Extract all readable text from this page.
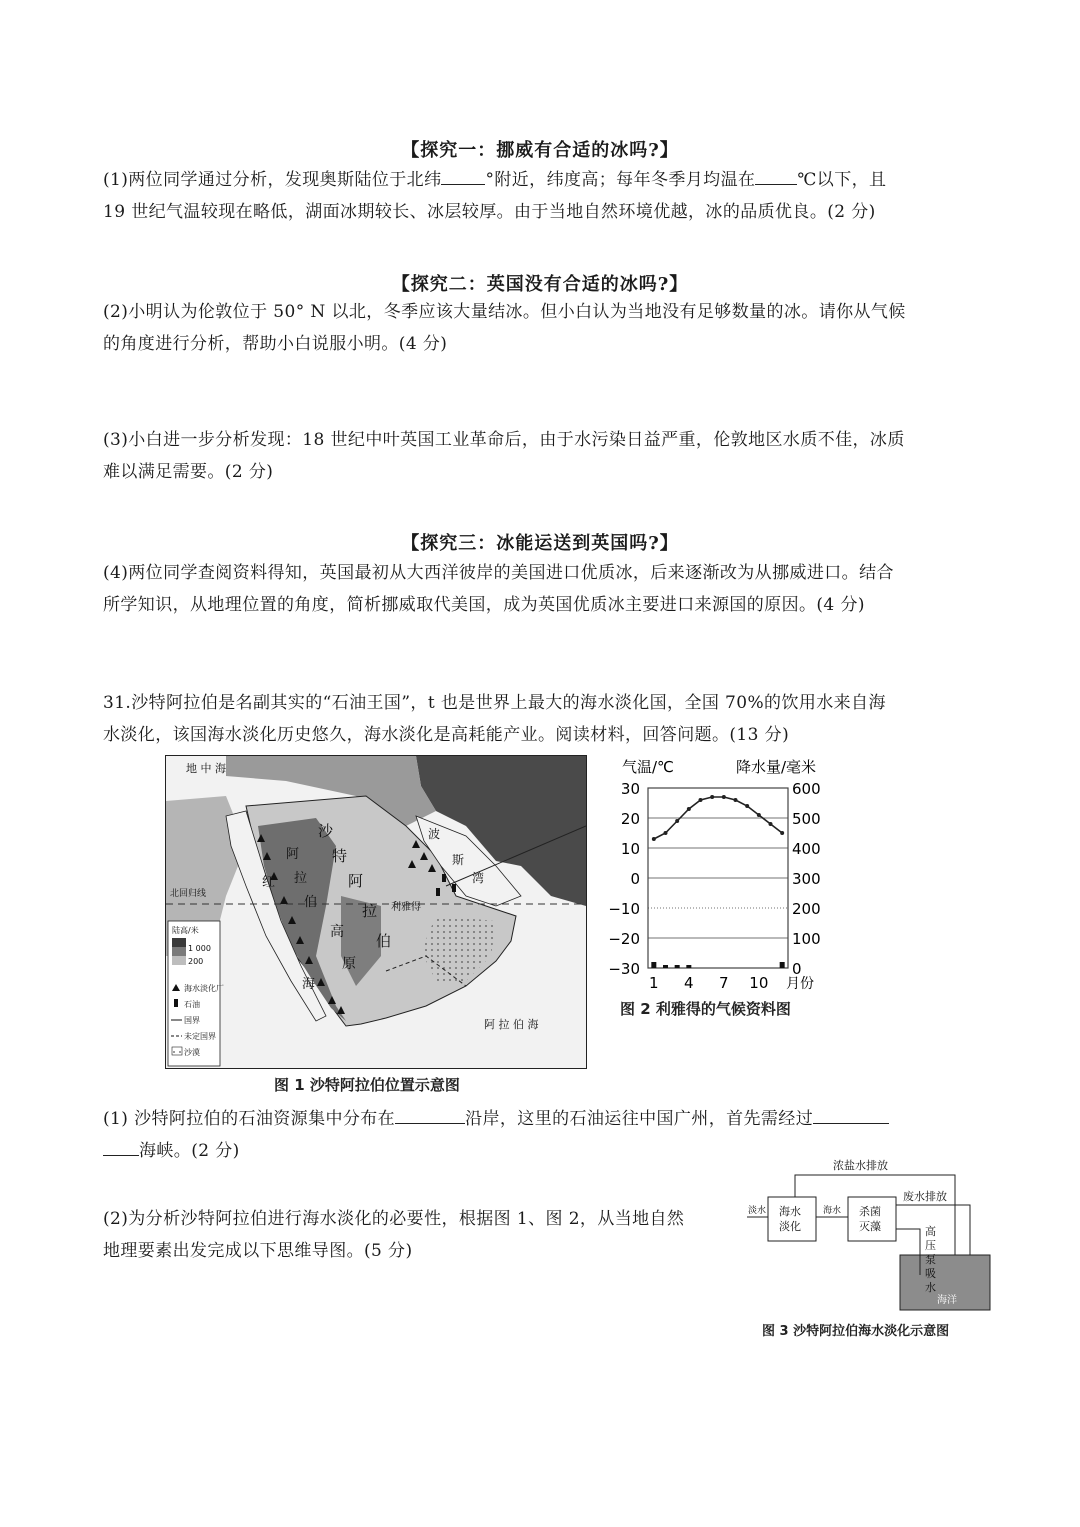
【探究一：挪威有合适的冰吗?】

(1)两位同学通过分析，发现奥斯陆位于北纬	°附近，纬度高；每年冬季月均温在 ℃以下，且
19 世纪气温较现在略低，湖面冰期较长、冰层较厚。由于当地自然环境优越，冰的品质优良。(2 分)

【探究二：英国没有合适的冰吗?】

(2)小明认为伦敦位于 50° N 以北，冬季应该大量结冰。但小白认为当地没有足够数量的冰。请你从气候
的角度进行分析，帮助小白说服小明。(4 分)

(3)小白进一步分析发现：18 世纪中叶英国工业革命后，由于水污染日益严重，伦敦地区水质不佳，冰质
难以满足需要。(2 分)

【探究三：冰能运送到英国吗?】

(4)两位同学查阅资料得知，英国最初从大西洋彼岸的美国进口优质冰，后来逐渐改为从挪威进口。结合
所学知识，从地理位置的角度，简析挪威取代美国，成为英国优质冰主要进口来源国的原因。(4 分)

31.沙特阿拉伯是名副其实的“石油王国”，t 也是世界上最大的海水淡化国，全国 70%的饮用水来自海
水淡化，该国海水淡化历史悠久，海水淡化是高耗能产业。阅读材料，回答问题。(13 分)

地 中 海
沙
特
阿
拉
伯
红
海
阿
拉
伯
北回归线
利雅得
高
原
波
斯
湾
阿 拉 伯 海
陆高/米
1 000
200
海水淡化厂
石油
国界
未定国界
沙漠
图 1 沙特阿拉伯位置示意图
30	600
20	500
10	400
0	300
−10	200
−20	100
−30	0
气温/℃	降水量/毫米
1 4 7 10 月份
图 2 利雅得的气候资料图

(1) 沙特阿拉伯的石油资源集中分布在	沿岸，这里的石油运往中国广州，首先需经过
海峡。(2 分)

(2)为分析沙特阿拉伯进行海水淡化的必要性，根据图 1、图 2，从当地自然
地理要素出发完成以下思维导图。(5 分)

海洋
海水
淡化
杀菌
灭藻
淡水	海水
浓盐水排放
废水排放
高
压
泵
吸
水
图 3 沙特阿拉伯海水淡化示意图
